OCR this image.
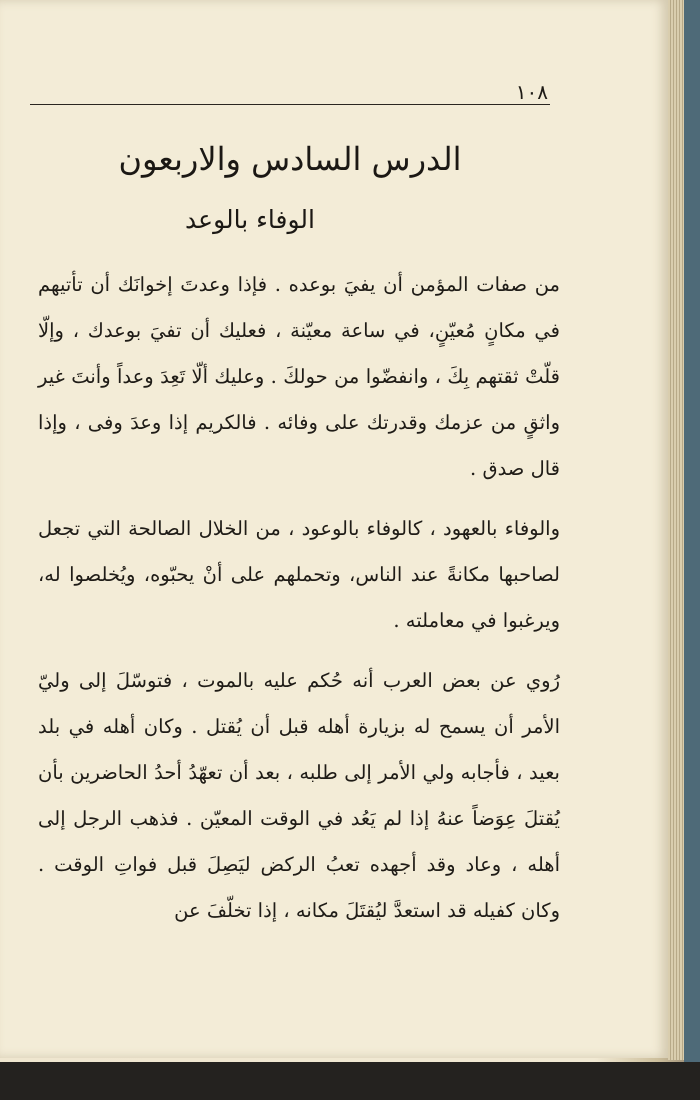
١٠٨
الدرس السادس والاربعون
الوفاء بالوعد

من صفات المؤمن أن يفيَ بوعده . فإذا وعدتَ إخوانَك أن تأتيهم في مكانٍ مُعيّنٍ، في ساعة معيّنة ، فعليك أن تفيَ بوعدك ، وإلّا قلّتْ ثقتهم بِكَ ، وانفضّوا من حولكَ . وعليك ألّا تَعِدَ وعداً وأنتَ غير واثقٍ من عزمك وقدرتك على وفائه . فالكريم إذا وعدَ وفى ، وإذا قال صدق .

والوفاء بالعهود ، كالوفاء بالوعود ، من الخلال الصالحة التي تجعل لصاحبها مكانةً عند الناس، وتحملهم على أنْ يحبّوه، ويُخلصوا له، ويرغبوا في معاملته .

رُوي عن بعض العرب أنه حُكم عليه بالموت ، فتوسّلَ إلى وليّ الأمر أن يسمح له بزيارة أهله قبل أن يُقتل . وكان أهله في بلد بعيد ، فأجابه ولي الأمر إلى طلبه ، بعد أن تعهّدُ أحدُ الحاضرين بأن يُقتلَ عِوَضاً عنهُ إذا لم يَعُد في الوقت المعيّن . فذهب الرجل إلى أهله ، وعاد وقد أجهده تعبُ الركض ليَصِلَ قبل فواتِ الوقت . وكان كفيله قد استعدَّ ليُقتَلَ مكانه ، إذا تخلّفَ عن
